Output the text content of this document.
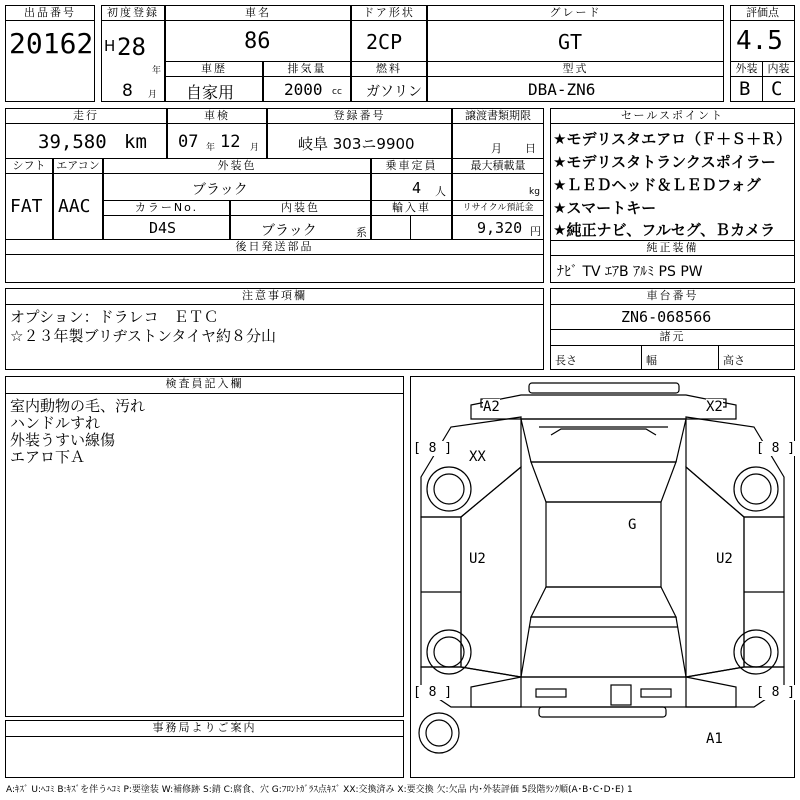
出品番号
20162
初度登録
H 28
年
8 月
車名
86
ドア形状
2CP
グレード
GT
評価点
4.5
車歴
自家用
排気量
2000 cc
燃料
ガソリン
型式
DBA-ZN6
外装 内装
B C
走行
39,580 km
車検
07 年 12 月
登録番号
岐阜 303ニ9900
譲渡書類期限
月 日
シフト
FAT
エアコン
AAC
外装色
ブラック
乗車定員
4 人
最大積載量
kg
カラーNo.
D4S
内装色
ブラック	系
輸入車	リサイクル預託金
9,320 円
後日発送部品
セールスポイント
★モデリスタエアロ（Ｆ＋Ｓ＋Ｒ）
★モデリスタトランクスポイラー
★ＬＥＤヘッド＆ＬＥＤフォグ
★スマートキー
★純正ナビ、フルセグ、Ｂカメラ
純正装備
ﾅﾋﾞ TV ｴｱB ｱﾙﾐ PS PW
注意事項欄
オプション：ドラレコ　ＥＴＣ
☆２３年製ブリヂストンタイヤ約８分山
車台番号
ZN6-068566
諸元
長さ	幅	高さ
検査員記入欄
室内動物の毛、汚れ
ハンドルすれ
外装うすい線傷
エアロ下Ａ
事務局よりご案内
A2	X2
XX
G
U2	U2
A1
[ 8 ]	[ 8 ]
[ 8 ]	[ 8 ]
A:ｷｽﾞ U:ﾍｺﾐ B:ｷｽﾞを伴うﾍｺﾐ P:要塗装 W:補修跡 S:錆 C:腐食、穴 G:ﾌﾛﾝﾄｶﾞﾗｽ点ｷｽﾞ XX:交換済み X:要交換 欠:欠品 内･外装評価 5段階ﾗﾝｸ順(A･B･C･D･E) 1
